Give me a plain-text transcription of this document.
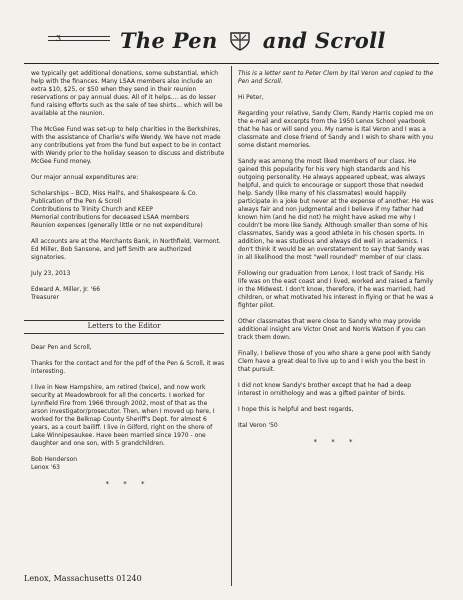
3	The Pen and Scroll

we typically get additional donations, some substantial, which help with the finances. Many LSAA members also include an extra $10, $25, or $50 when they send in their reunion reservations or pay annual dues. All of it helps.... as do lesser fund raising efforts such as the sale of tee shirts... which will be available at the reunion.

The McGee Fund was set-up to help charities in the Berkshires, with the assistance of Charlie's wife Wendy. We have not made any contributions yet from the fund but expect to be in contact with Wendy prior to the holiday season to discuss and distribute McGee Fund money.

Our major annual expenditures are:

Scholarships – BCD, Miss Hall's, and Shakespeare & Co.
Publication of the Pen & Scroll
Contributions to Trinity Church and KEEP
Memorial contributions for deceased LSAA members
Reunion expenses (generally little or no net expenditure)

All accounts are at the Merchants Bank, in Northfield, Vermont. Ed Miller, Bob Sansone, and Jeff Smith are authorized signatories.

July 23, 2013

Edward A. Miller, Jr. '66
Treasurer

Letters to the Editor

Dear Pen and Scroll,

Thanks for the contact and for the pdf of the Pen & Scroll, it was interesting.

I live in New Hampshire, am retired (twice), and now work security at Meadowbrook for all the concerts. I worked for Lynnfield Fire from 1966 through 2002, most of that as the arson investigator/prosecutor. Then, when I moved up here, I worked for the Belknap County Sheriff's Dept. for almost 6 years, as a court bailiff. I live in Gilford, right on the shore of Lake Winnipesaukee. Have been married since 1970 - one daughter and one son, with 5 grandchildren.

Bob Henderson
Lenox '63

* * *

This is a letter sent to Peter Clem by Ital Veron and copied to the Pen and Scroll.

Hi Peter,

Regarding your relative, Sandy Clem, Randy Harris copied me on the e-mail and excerpts from the 1950 Lenox School yearbook that he has or will send you. My name is Ital Veron and I was a classmate and close friend of Sandy and I wish to share with you some distant memories.

Sandy was among the most liked members of our class. He gained this popularity for his very high standards and his outgoing personality. He always appeared upbeat, was always helpful, and quick to encourage or support those that needed help. Sandy (like many of his classmates) would happily participate in a joke but never at the expense of another. He was always fair and non judgmental and I believe if my father had known him (and he did not) he might have asked me why I couldn't be more like Sandy. Although smaller than some of his classmates, Sandy was a good athlete in his chosen sports. In addition, he was studious and always did well in academics. I don't think it would be an overstatement to say that Sandy was in all likelihood the most "well rounded" member of our class.

Following our graduation from Lenox, I lost track of Sandy. His life was on the east coast and I lived, worked and raised a family in the Midwest. I don't know, therefore, if he was married, had children, or what motivated his interest in flying or that he was a fighter pilot.

Other classmates that were close to Sandy who may provide additional insight are Victor Onet and Norris Watson if you can track them down.

Finally, I believe those of you who share a gene pool with Sandy Clem have a great deal to live up to and I wish you the best in that pursuit.

I did not know Sandy's brother except that he had a deep interest in ornithology and was a gifted painter of birds.

I hope this is helpful and best regards,

Ital Veron '50

* * *
Lenox, Massachusetts 01240
